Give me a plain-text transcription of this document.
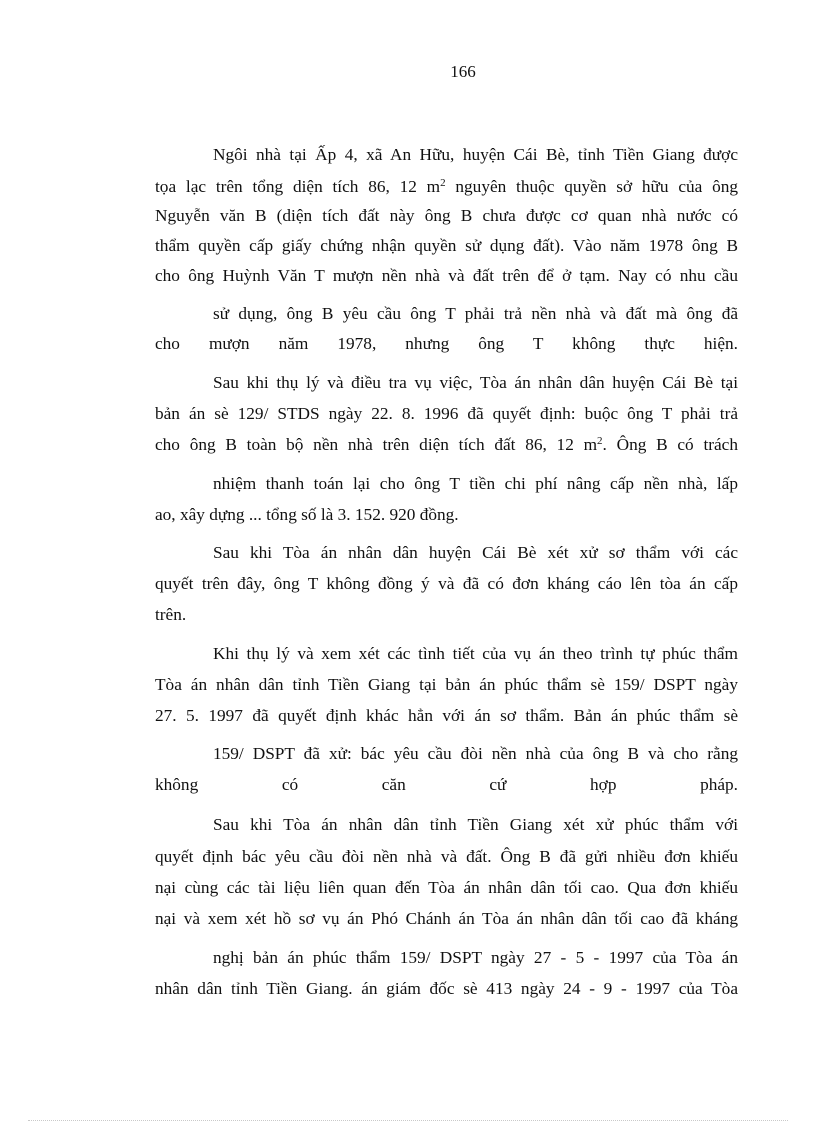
166
Ngôi nhà tại Ấp 4, xã An Hữu, huyện Cái Bè, tỉnh Tiền Giang được
tọa lạc trên tổng diện tích 86, 12 $m^2$ nguyên thuộc quyền sở hữu của ông
Nguyễn văn B (diện tích đất này ông B chưa được cơ quan nhà nước có
thẩm quyền cấp giấy chứng nhận quyền sử dụng đất). Vào năm 1978 ông B
cho ông Huỳnh Văn T mượn nền nhà và đất trên để ở tạm. Nay có nhu cầu
sử dụng, ông B yêu cầu ông T phải trả nền nhà và đất mà ông đã
cho mượn năm 1978, nhưng ông T không thực hiện.
Sau khi thụ lý và điều tra vụ việc, Tòa án nhân dân huyện Cái Bè tại
bản án sè 129/ STDS ngày 22. 8. 1996 đã quyết định: buộc ông T phải trả
cho ông B toàn bộ nền nhà trên diện tích đất 86, 12 $m^2$. Ông B có trách
nhiệm thanh toán lại cho ông T tiền chi phí nâng cấp nền nhà, lấp
ao, xây dựng ... tổng số là 3. 152. 920 đồng.
Sau khi Tòa án nhân dân huyện Cái Bè xét xử sơ thẩm với các
quyết trên đây, ông T không đồng ý và đã có đơn kháng cáo lên tòa án cấp
trên.
Khi thụ lý và xem xét các tình tiết của vụ án theo trình tự phúc thẩm
Tòa án nhân dân tỉnh Tiền Giang tại bản án phúc thẩm sè 159/ DSPT ngày
27. 5. 1997 đã quyết định khác hẳn với án sơ thẩm. Bản án phúc thẩm sè
159/ DSPT đã xử: bác yêu cầu đòi nền nhà của ông B và cho rằng
không có căn cứ hợp pháp.
Sau khi Tòa án nhân dân tỉnh Tiền Giang xét xử phúc thẩm với
quyết định bác yêu cầu đòi nền nhà và đất. Ông B đã gửi nhiều đơn khiếu
nại cùng các tài liệu liên quan đến Tòa án nhân dân tối cao. Qua đơn khiếu
nại và xem xét hồ sơ vụ án Phó Chánh án Tòa án nhân dân tối cao đã kháng
nghị bản án phúc thẩm 159/ DSPT ngày 27 - 5 - 1997 của Tòa án
nhân dân tỉnh Tiền Giang. án giám đốc sè 413 ngày 24 - 9 - 1997 của Tòa
